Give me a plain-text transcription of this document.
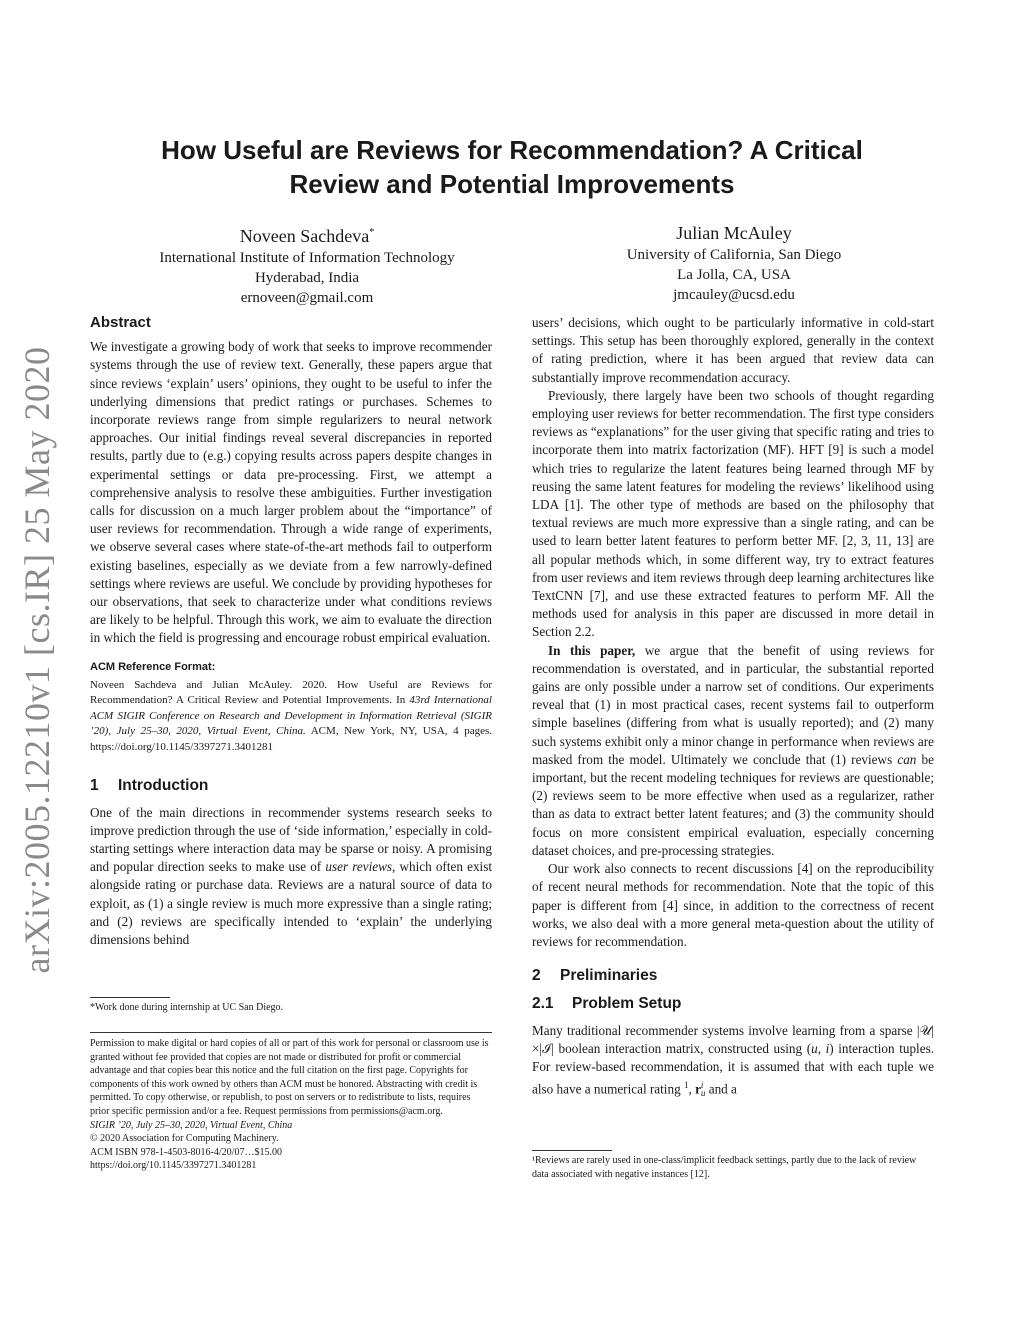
arXiv:2005.12210v1 [cs.IR] 25 May 2020
How Useful are Reviews for Recommendation? A Critical
Review and Potential Improvements
Noveen Sachdeva*
International Institute of Information Technology
Hyderabad, India
ernoveen@gmail.com
Julian McAuley
University of California, San Diego
La Jolla, CA, USA
jmcauley@ucsd.edu
Abstract

We investigate a growing body of work that seeks to improve recommender systems through the use of review text. Generally, these papers argue that since reviews ‘explain’ users’ opinions, they ought to be useful to infer the underlying dimensions that predict ratings or purchases. Schemes to incorporate reviews range from simple regularizers to neural network approaches. Our initial findings reveal several discrepancies in reported results, partly due to (e.g.) copying results across papers despite changes in experimental settings or data pre-processing. First, we attempt a comprehensive analysis to resolve these ambiguities. Further investigation calls for discussion on a much larger problem about the “importance” of user reviews for recommendation. Through a wide range of experiments, we observe several cases where state-of-the-art methods fail to outperform existing baselines, especially as we deviate from a few narrowly-defined settings where reviews are useful. We conclude by providing hypotheses for our observations, that seek to characterize under what conditions reviews are likely to be helpful. Through this work, we aim to evaluate the direction in which the field is progressing and encourage robust empirical evaluation.

ACM Reference Format:

Noveen Sachdeva and Julian McAuley. 2020. How Useful are Reviews for Recommendation? A Critical Review and Potential Improvements. In 43rd International ACM SIGIR Conference on Research and Development in Information Retrieval (SIGIR ’20), July 25–30, 2020, Virtual Event, China. ACM, New York, NY, USA, 4 pages. https://doi.org/10.1145/3397271.3401281

1 Introduction

One of the main directions in recommender systems research seeks to improve prediction through the use of ‘side information,’ especially in cold-starting settings where interaction data may be sparse or noisy. A promising and popular direction seeks to make use of user reviews, which often exist alongside rating or purchase data. Reviews are a natural source of data to exploit, as (1) a single review is much more expressive than a single rating; and (2) reviews are specifically intended to ‘explain’ the underlying dimensions behind

*Work done during internship at UC San Diego.
Permission to make digital or hard copies of all or part of this work for personal or classroom use is granted without fee provided that copies are not made or distributed for profit or commercial advantage and that copies bear this notice and the full citation on the first page. Copyrights for components of this work owned by others than ACM must be honored. Abstracting with credit is permitted. To copy otherwise, or republish, to post on servers or to redistribute to lists, requires prior specific permission and/or a fee. Request permissions from permissions@acm.org.
SIGIR ’20, July 25–30, 2020, Virtual Event, China
© 2020 Association for Computing Machinery.
ACM ISBN 978-1-4503-8016-4/20/07…$15.00
https://doi.org/10.1145/3397271.3401281

users’ decisions, which ought to be particularly informative in cold-start settings. This setup has been thoroughly explored, generally in the context of rating prediction, where it has been argued that review data can substantially improve recommendation accuracy.

Previously, there largely have been two schools of thought regarding employing user reviews for better recommendation. The first type considers reviews as “explanations” for the user giving that specific rating and tries to incorporate them into matrix factorization (MF). HFT [9] is such a model which tries to regularize the latent features being learned through MF by reusing the same latent features for modeling the reviews’ likelihood using LDA [1]. The other type of methods are based on the philosophy that textual reviews are much more expressive than a single rating, and can be used to learn better latent features to perform better MF. [2, 3, 11, 13] are all popular methods which, in some different way, try to extract features from user reviews and item reviews through deep learning architectures like TextCNN [7], and use these extracted features to perform MF. All the methods used for analysis in this paper are discussed in more detail in Section 2.2.

In this paper, we argue that the benefit of using reviews for recommendation is overstated, and in particular, the substantial reported gains are only possible under a narrow set of conditions. Our experiments reveal that (1) in most practical cases, recent systems fail to outperform simple baselines (differing from what is usually reported); and (2) many such systems exhibit only a minor change in performance when reviews are masked from the model. Ultimately we conclude that (1) reviews can be important, but the recent modeling techniques for reviews are questionable; (2) reviews seem to be more effective when used as a regularizer, rather than as data to extract better latent features; and (3) the community should focus on more consistent empirical evaluation, especially concerning dataset choices, and pre-processing strategies.

Our work also connects to recent discussions [4] on the reproducibility of recent neural methods for recommendation. Note that the topic of this paper is different from [4] since, in addition to the correctness of recent works, we also deal with a more general meta-question about the utility of reviews for recommendation.

2 Preliminaries
2.1 Problem Setup

Many traditional recommender systems involve learning from a sparse |𝒰|×|ℐ| boolean interaction matrix, constructed using (u, i) interaction tuples. For review-based recommendation, it is assumed that with each tuple we also have a numerical rating $^1$, r i
u and a

¹Reviews are rarely used in one-class/implicit feedback settings, partly due to the lack of review data associated with negative instances [12].
